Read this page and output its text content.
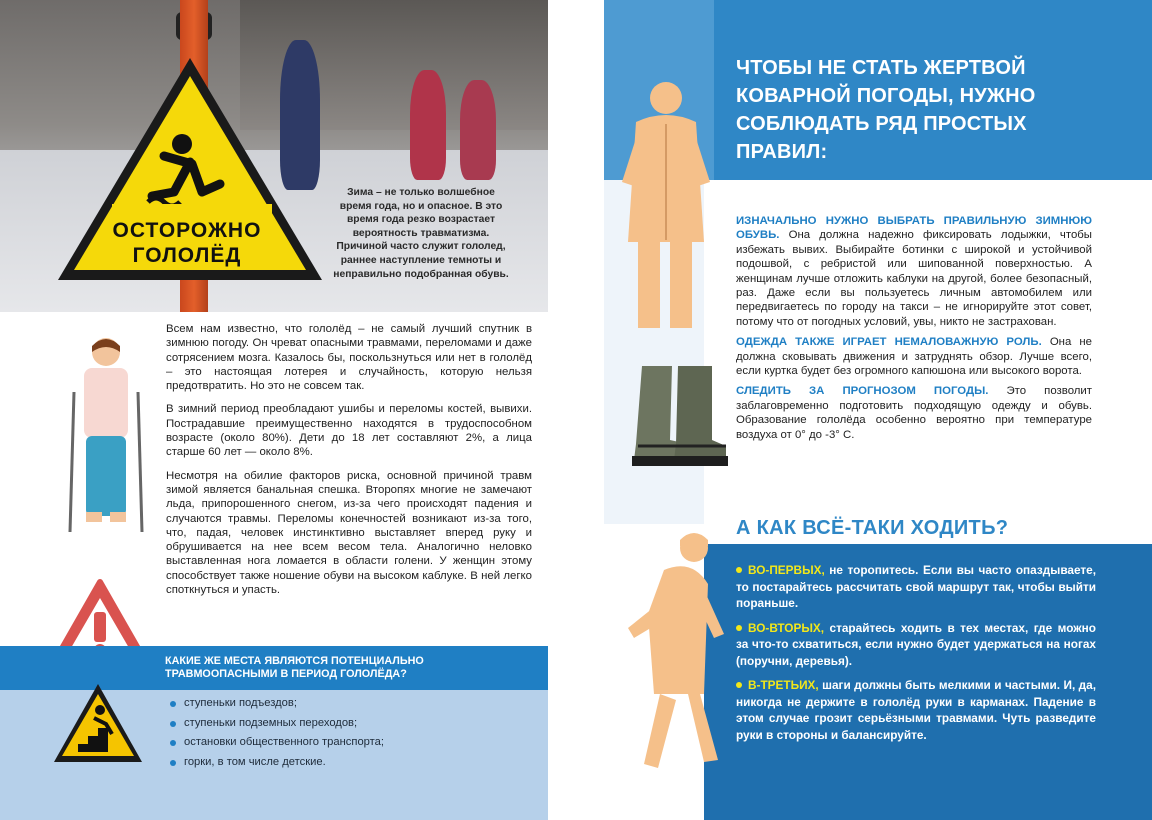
ОСТОРОЖНО
ГОЛОЛЁД
Зима – не только волшебное время года, но и опасное. В это время года резко возрастает вероятность травматизма. Причиной часто служит гололед, раннее наступление темноты и неправильно подобранная обувь.

Всем нам известно, что гололёд – не самый лучший спутник в зимнюю погоду. Он чреват опасными травмами, переломами и даже сотрясением мозга. Казалось бы, поскользнуться или нет в гололёд – это настоящая лотерея и случайность, которую нельзя предотвратить. Но это не совсем так.

В зимний период преобладают ушибы и переломы костей, вывихи. Пострадавшие преимущественно находятся в трудоспособном возрасте (около 80%). Дети до 18 лет составляют 2%, а лица старше 60 лет — около 8%.

Несмотря на обилие факторов риска, основной причиной травм зимой является банальная спешка. Второпях многие не замечают льда, припорошенного снегом, из-за чего происходят падения и случаются травмы. Переломы конечностей возникают из-за того, что, падая, человек инстинктивно выставляет вперед руку и обрушивается на нее всем весом тела. Аналогично неловко выставленная нога ломается в области голени. У женщин этому способствует также ношение обуви на высоком каблуке. В ней легко споткнуться и упасть.

КАКИЕ ЖЕ МЕСТА ЯВЛЯЮТСЯ ПОТЕНЦИАЛЬНО ТРАВМООПАСНЫМИ В ПЕРИОД ГОЛОЛЁДА?
ступеньки подъездов;
ступеньки подземных переходов;
остановки общественного транспорта;
горки, в том числе детские.
ЧТОБЫ НЕ СТАТЬ ЖЕРТВОЙ КОВАРНОЙ ПОГОДЫ, НУЖНО СОБЛЮДАТЬ РЯД ПРОСТЫХ ПРАВИЛ:

ИЗНАЧАЛЬНО НУЖНО ВЫБРАТЬ ПРАВИЛЬНУЮ ЗИМНЮЮ ОБУВЬ. Она должна надежно фиксировать лодыжки, чтобы избежать вывих. Выбирайте ботинки с широкой и устойчивой подошвой, с ребристой или шипованной поверхностью. А женщинам лучше отложить каблуки на другой, более безопасный, раз. Даже если вы пользуетесь личным автомобилем или передвигаетесь по городу на такси – не игнорируйте этот совет, потому что от погодных условий, увы, никто не застрахован.

ОДЕЖДА ТАКЖЕ ИГРАЕТ НЕМАЛОВАЖНУЮ РОЛЬ. Она не должна сковывать движения и затруднять обзор. Лучше всего, если куртка будет без огромного капюшона или высокого ворота.

СЛЕДИТЬ ЗА ПРОГНОЗОМ ПОГОДЫ. Это позволит заблаговременно подготовить подходящую одежду и обувь. Образование гололёда особенно вероятно при температуре воздуха от 0° до -3° С.

А КАК ВСЁ-ТАКИ ХОДИТЬ?

ВО-ПЕРВЫХ, не торопитесь. Если вы часто опаздываете, то постарайтесь рассчитать свой маршрут так, чтобы выйти пораньше.

ВО-ВТОРЫХ, старайтесь ходить в тех местах, где можно за что-то схватиться, если нужно будет удержаться на ногах (поручни, деревья).

В-ТРЕТЬИХ, шаги должны быть мелкими и частыми. И, да, никогда не держите в гололёд руки в карманах. Падение в этом случае грозит серьёзными травмами. Чуть разведите руки в стороны и балансируйте.
